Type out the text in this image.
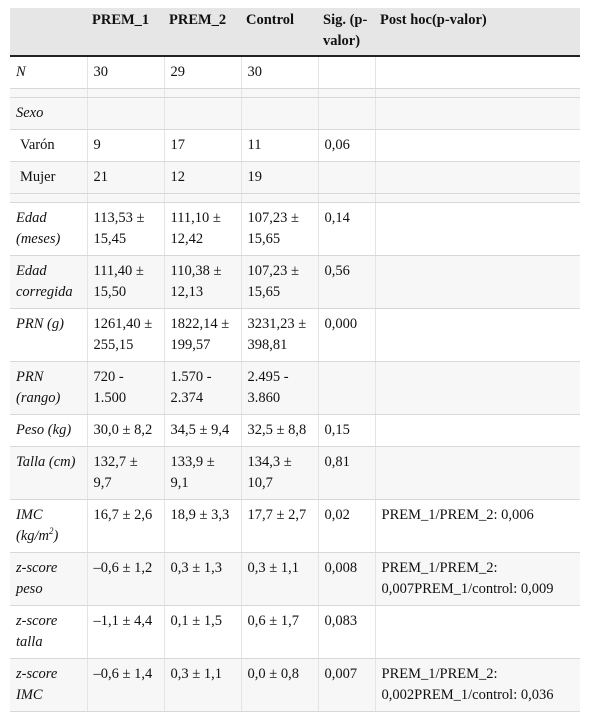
	PREM_1	PREM_2	Control	Sig. (p-valor)	Post hoc(p-valor)
N	30	29	30		

Sexo					
Varón	9	17	11	0,06	
Mujer	21	12	19		

Edad (meses)	113,53 ± 15,45	111,10 ± 12,42	107,23 ± 15,65	0,14	
Edad corregida	111,40 ± 15,50	110,38 ± 12,13	107,23 ± 15,65	0,56	
PRN (g)	1261,40 ± 255,15	1822,14 ± 199,57	3231,23 ± 398,81	0,000	
PRN (rango)	720 - 1.500	1.570 - 2.374	2.495 - 3.860		
Peso (kg)	30,0 ± 8,2	34,5 ± 9,4	32,5 ± 8,8	0,15	
Talla (cm)	132,7 ± 9,7	133,9 ± 9,1	134,3 ± 10,7	0,81	
IMC $(kg/m^2)$	16,7 ± 2,6	18,9 ± 3,3	17,7 ± 2,7	0,02	PREM_1/PREM_2: 0,006
z-score peso	–0,6 ± 1,2	0,3 ± 1,3	0,3 ± 1,1	0,008	PREM_1/PREM_2: 0,007PREM_1/control: 0,009
z-score talla	–1,1 ± 4,4	0,1 ± 1,5	0,6 ± 1,7	0,083	
z-score IMC	–0,6 ± 1,4	0,3 ± 1,1	0,0 ± 0,8	0,007	PREM_1/PREM_2: 0,002PREM_1/control: 0,036
